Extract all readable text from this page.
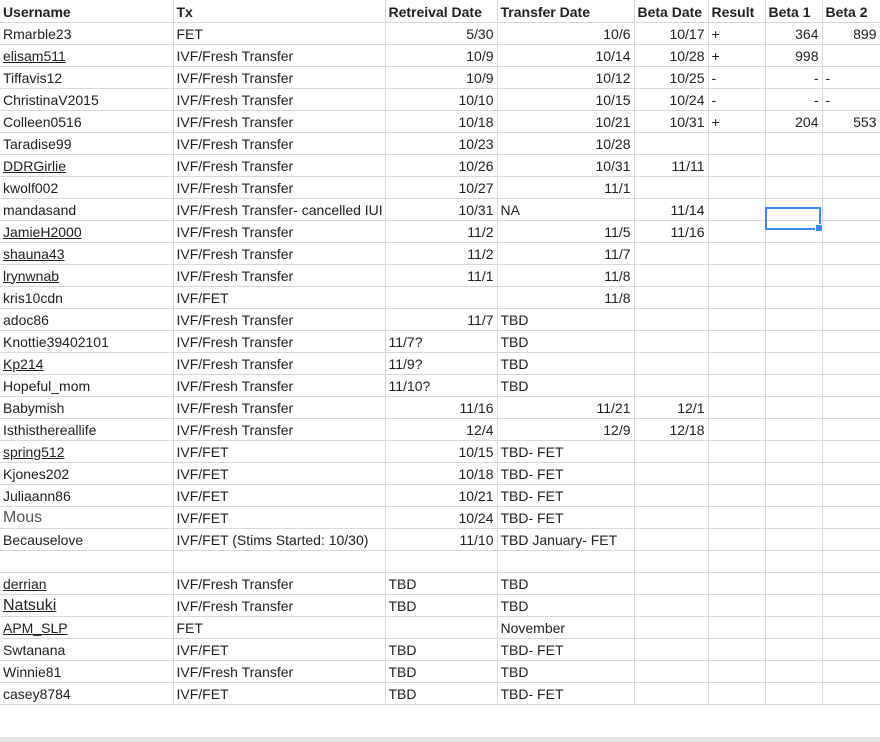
Username	Tx	Retreival Date	Transfer Date	Beta Date	Result	Beta 1	Beta 2
Rmarble23	FET	5/30	10/6	10/17	+	364	899
elisam511	IVF/Fresh Transfer	10/9	10/14	10/28	+	998	
Tiffavis12	IVF/Fresh Transfer	10/9	10/12	10/25	-	-	-
ChristinaV2015	IVF/Fresh Transfer	10/10	10/15	10/24	-	-	-
Colleen0516	IVF/Fresh Transfer	10/18	10/21	10/31	+	204	553
Taradise99	IVF/Fresh Transfer	10/23	10/28				
DDRGirlie	IVF/Fresh Transfer	10/26	10/31	11/11			
kwolf002	IVF/Fresh Transfer	10/27	11/1				
mandasand	IVF/Fresh Transfer- cancelled IUI	10/31	NA	11/14			
JamieH2000	IVF/Fresh Transfer	11/2	11/5	11/16			
shauna43	IVF/Fresh Transfer	11/2	11/7				
lrynwnab	IVF/Fresh Transfer	11/1	11/8				
kris10cdn	IVF/FET		11/8				
adoc86	IVF/Fresh Transfer	11/7	TBD				
Knottie39402101	IVF/Fresh Transfer	11/7?	TBD				
Kp214	IVF/Fresh Transfer	11/9?	TBD				
Hopeful_mom	IVF/Fresh Transfer	11/10?	TBD				
Babymish	IVF/Fresh Transfer	11/16	11/21	12/1			
Isthisthereallife	IVF/Fresh Transfer	12/4	12/9	12/18			
spring512	IVF/FET	10/15	TBD- FET				
Kjones202	IVF/FET	10/18	TBD- FET				
Juliaann86	IVF/FET	10/21	TBD- FET				
Mous	IVF/FET	10/24	TBD- FET				
Becauselove	IVF/FET (Stims Started: 10/30)	11/10	TBD January- FET				

derrian	IVF/Fresh Transfer	TBD	TBD				
Natsuki	IVF/Fresh Transfer	TBD	TBD				
APM_SLP	FET		November				
Swtanana	IVF/FET	TBD	TBD- FET				
Winnie81	IVF/Fresh Transfer	TBD	TBD				
casey8784	IVF/FET	TBD	TBD- FET				
